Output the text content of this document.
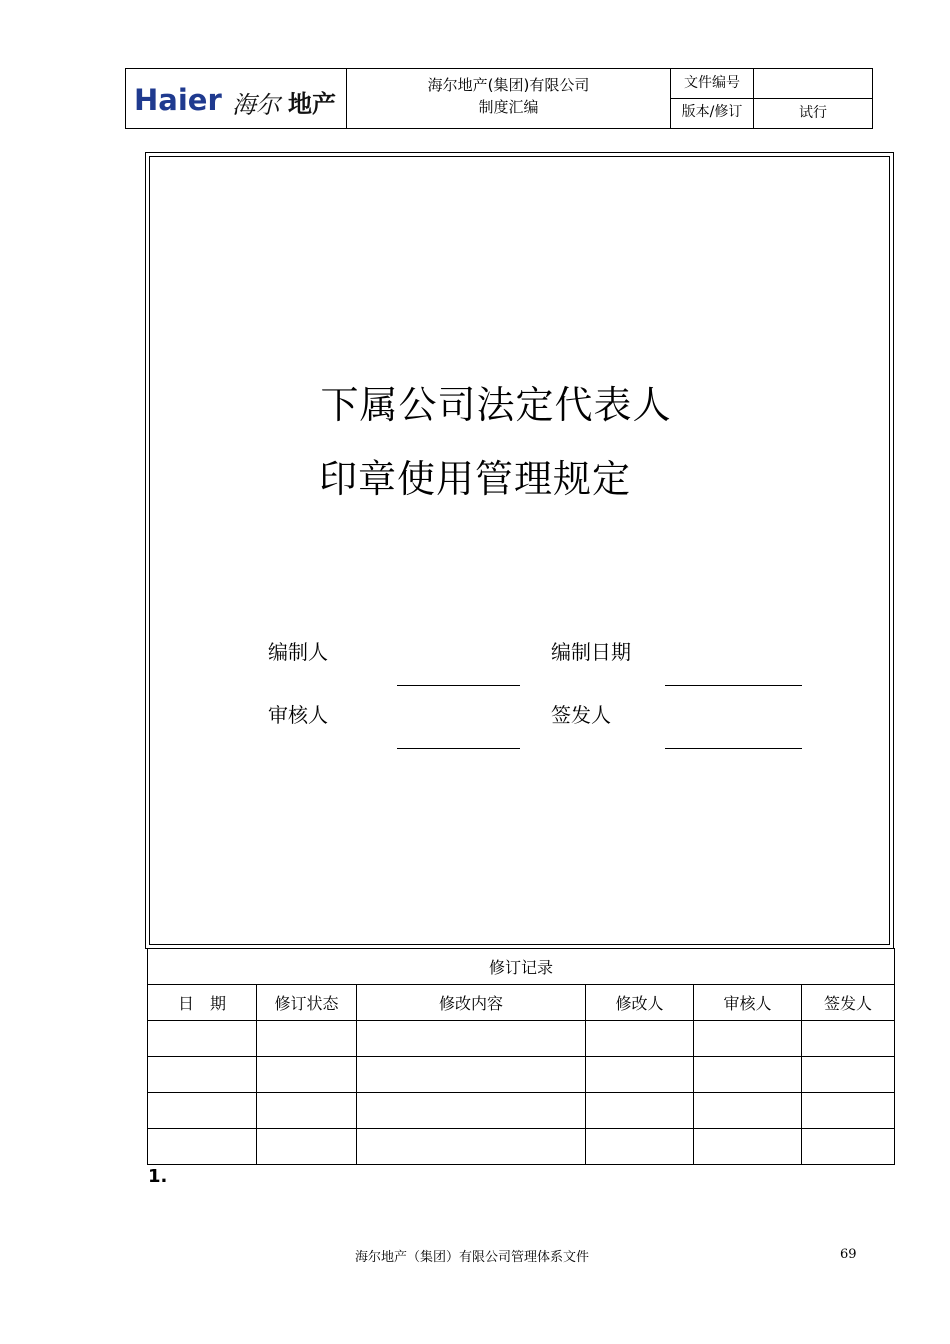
Haier 海尔 地产
海尔地产(集团)有限公司
制度汇编
文件编号
版本/修订	试行
下属公司法定代表人
印章使用管理规定
编制人	编制日期
审核人	签发人
修订记录					
日　期	修订状态	修改内容	修改人	审核人	签发人

1.
海尔地产（集团）有限公司管理体系文件	69
